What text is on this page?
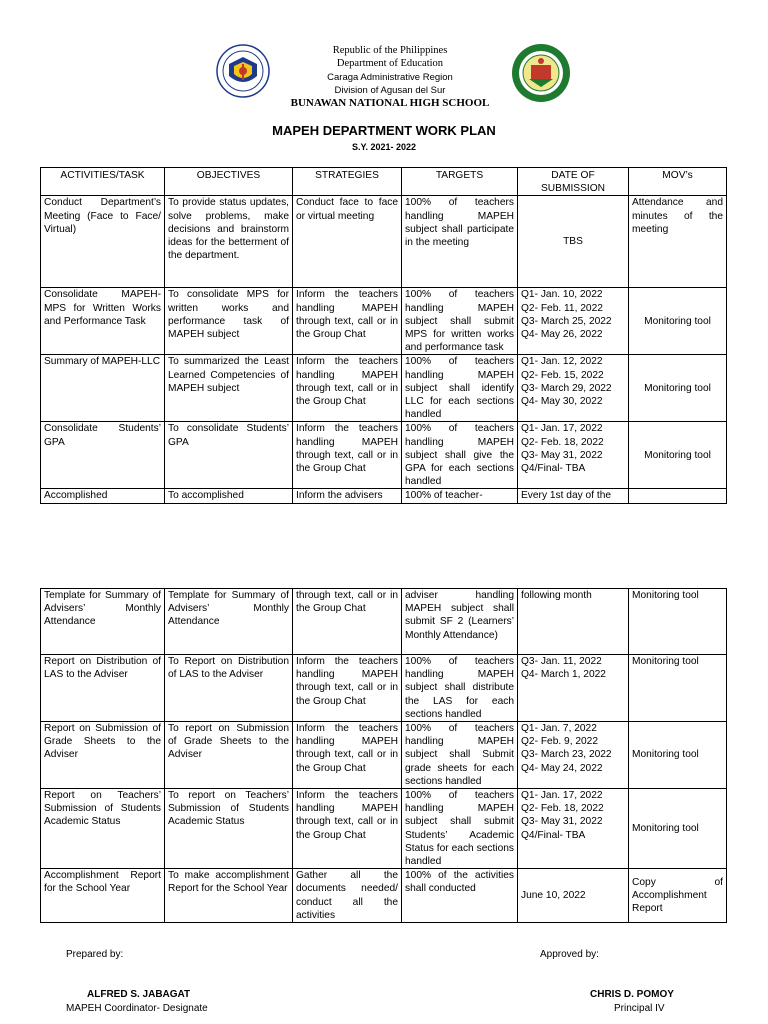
Republic of the Philippines
Department of Education
Caraga Administrative Region
Division of Agusan del Sur
BUNAWAN NATIONAL HIGH SCHOOL
MAPEH DEPARTMENT WORK PLAN
S.Y. 2021- 2022
ACTIVITIES/TASK	OBJECTIVES	STRATEGIES	TARGETS	DATE OF SUBMISSION	MOV’s
Conduct Department’s Meeting (Face to Face/ Virtual)	To provide status updates, solve problems, make decisions and brainstorm ideas for the betterment of the department.	Conduct face to face or virtual meeting	100% of teachers handling MAPEH subject shall participate in the meeting	TBS	Attendance and minutes of the meeting
Consolidate MAPEH-MPS for Written Works and Performance Task	To consolidate MPS for written works and performance task of MAPEH subject	Inform the teachers handling MAPEH through text, call or in the Group Chat	100% of teachers handling MAPEH subject shall submit MPS for written works and performance task	Q1- Jan. 10, 2022
Q2- Feb. 11, 2022
Q3- March 25, 2022
Q4- May 26, 2022	Monitoring tool
Summary of MAPEH-LLC	To summarized the Least Learned Competencies of MAPEH subject	Inform the teachers handling MAPEH through text, call or in the Group Chat	100% of teachers handling MAPEH subject shall identify LLC for each sections handled	Q1- Jan. 12, 2022
Q2- Feb. 15, 2022
Q3- March 29, 2022
Q4- May 30, 2022	Monitoring tool
Consolidate Students’ GPA	To consolidate Students’ GPA	Inform the teachers handling MAPEH through text, call or in the Group Chat	100% of teachers handling MAPEH subject shall give the GPA for each sections handled	Q1- Jan. 17, 2022
Q2- Feb. 18, 2022
Q3- May 31, 2022
Q4/Final- TBA	Monitoring tool
Accomplished	To accomplished	Inform the advisers	100% of teacher-	Every 1st day of the	
Template for Summary of Advisers’ Monthly Attendance	Template for Summary of Advisers’ Monthly Attendance	through text, call or in the Group Chat	adviser handling MAPEH subject shall submit SF 2 (Learners’ Monthly Attendance)	following month	Monitoring tool
Report on Distribution of LAS to the Adviser	To Report on Distribution of LAS to the Adviser	Inform the teachers handling MAPEH through text, call or in the Group Chat	100% of teachers handling MAPEH subject shall distribute the LAS for each sections handled	Q3- Jan. 11, 2022
Q4- March 1, 2022	Monitoring tool
Report on Submission of Grade Sheets to the Adviser	To report on Submission of Grade Sheets to the Adviser	Inform the teachers handling MAPEH through text, call or in the Group Chat	100% of teachers handling MAPEH subject shall Submit grade sheets for each sections handled	Q1- Jan. 7, 2022
Q2- Feb. 9, 2022
Q3- March 23, 2022
Q4- May 24, 2022	Monitoring tool
Report on Teachers’ Submission of Students Academic Status	To report on Teachers’ Submission of Students Academic Status	Inform the teachers handling MAPEH through text, call or in the Group Chat	100% of teachers handling MAPEH subject shall submit Students’ Academic Status for each sections handled	Q1- Jan. 17, 2022
Q2- Feb. 18, 2022
Q3- May 31, 2022
Q4/Final- TBA	Monitoring tool
Accomplishment Report for the School Year	To make accomplishment Report for the School Year	Gather all the documents needed/ conduct all the activities	100% of the activities shall conducted	June 10, 2022	Copy of Accomplishment Report
Prepared by:	Approved by:
ALFRED S. JABAGAT
MAPEH Coordinator- Designate
CHRIS D. POMOY
Principal IV
